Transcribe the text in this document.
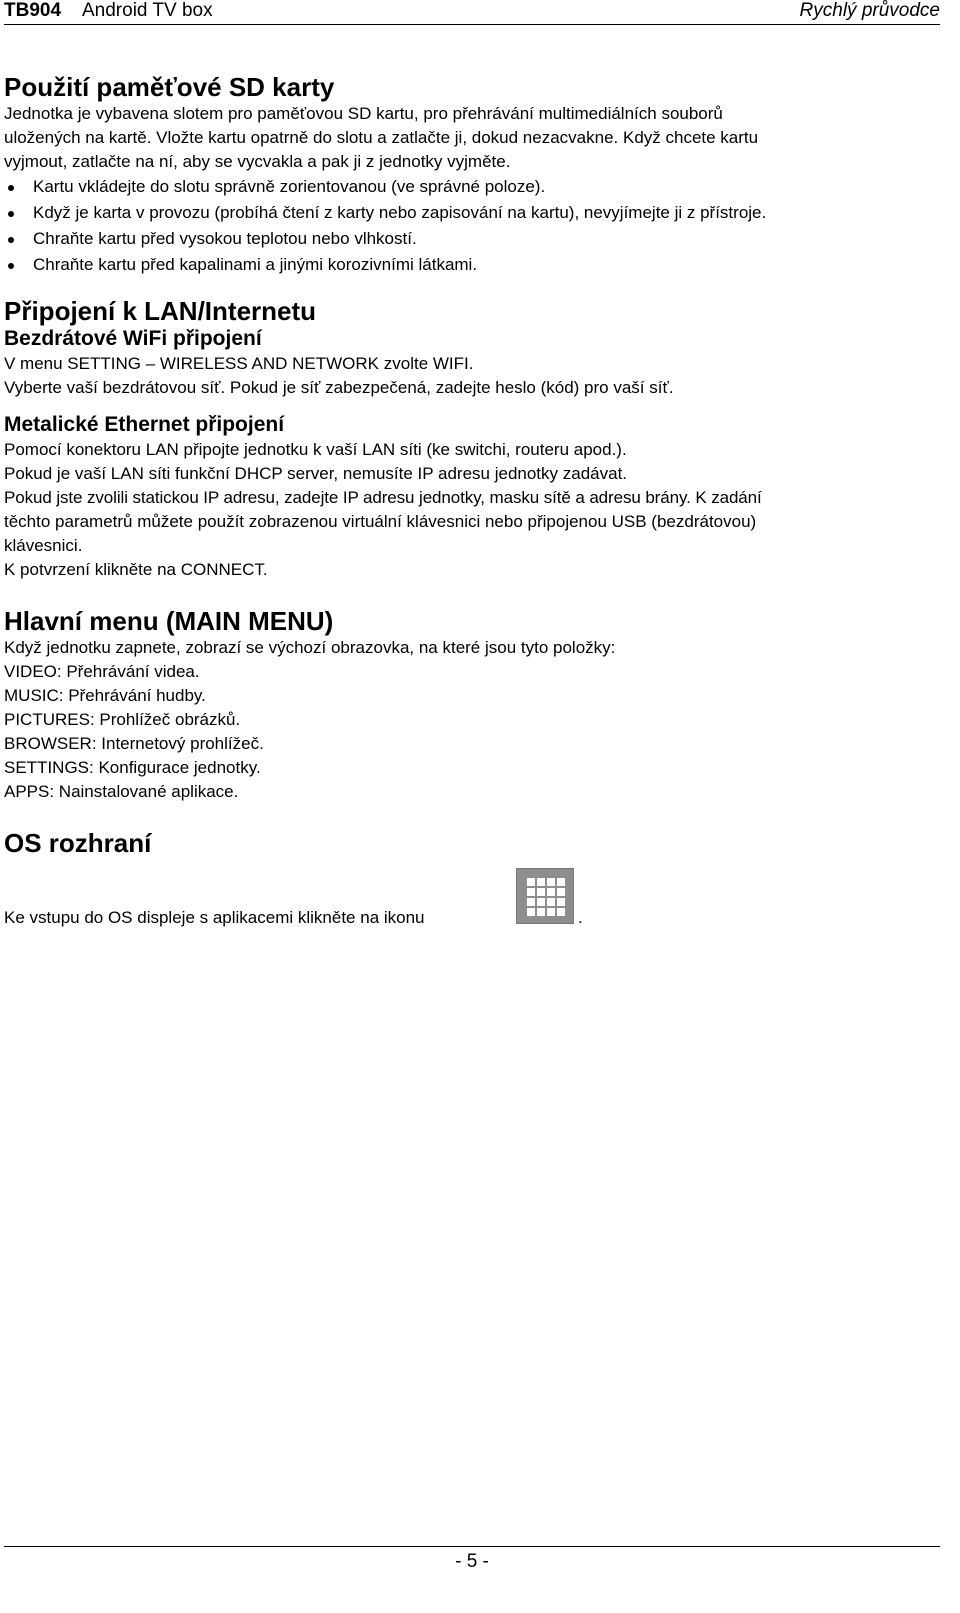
TB904 Android TV box	Rychlý průvodce
Použití paměťové SD karty

Jednotka je vybavena slotem pro paměťovou SD kartu, pro přehrávání multimediálních souborů

uložených na kartě. Vložte kartu opatrně do slotu a zatlačte ji, dokud nezacvakne. Když chcete kartu

vyjmout, zatlačte na ní, aby se vycvakla a pak ji z jednotky vyjměte.

Kartu vkládejte do slotu správně zorientovanou (ve správné poloze).
Když je karta v provozu (probíhá čtení z karty nebo zapisování na kartu), nevyjímejte ji z přístroje.
Chraňte kartu před vysokou teplotou nebo vlhkostí.
Chraňte kartu před kapalinami a jinými korozivními látkami.
Připojení k LAN/Internetu
Bezdrátové WiFi připojení

V menu SETTING – WIRELESS AND NETWORK zvolte WIFI.

Vyberte vaší bezdrátovou síť. Pokud je síť zabezpečená, zadejte heslo (kód) pro vaší síť.

Metalické Ethernet připojení

Pomocí konektoru LAN připojte jednotku k vaší LAN síti (ke switchi, routeru apod.).

Pokud je vaší LAN síti funkční DHCP server, nemusíte IP adresu jednotky zadávat.

Pokud jste zvolili statickou IP adresu, zadejte IP adresu jednotky, masku sítě a adresu brány. K zadání

těchto parametrů můžete použít zobrazenou virtuální klávesnici nebo připojenou USB (bezdrátovou)

klávesnici.

K potvrzení klikněte na CONNECT.

Hlavní menu (MAIN MENU)

Když jednotku zapnete, zobrazí se výchozí obrazovka, na které jsou tyto položky:

VIDEO: Přehrávání videa.

MUSIC: Přehrávání hudby.

PICTURES: Prohlížeč obrázků.

BROWSER: Internetový prohlížeč.

SETTINGS: Konfigurace jednotky.

APPS: Nainstalované aplikace.

OS rozhraní
Ke vstupu do OS displeje s aplikacemi klikněte na ikonu	.
- 5 -
